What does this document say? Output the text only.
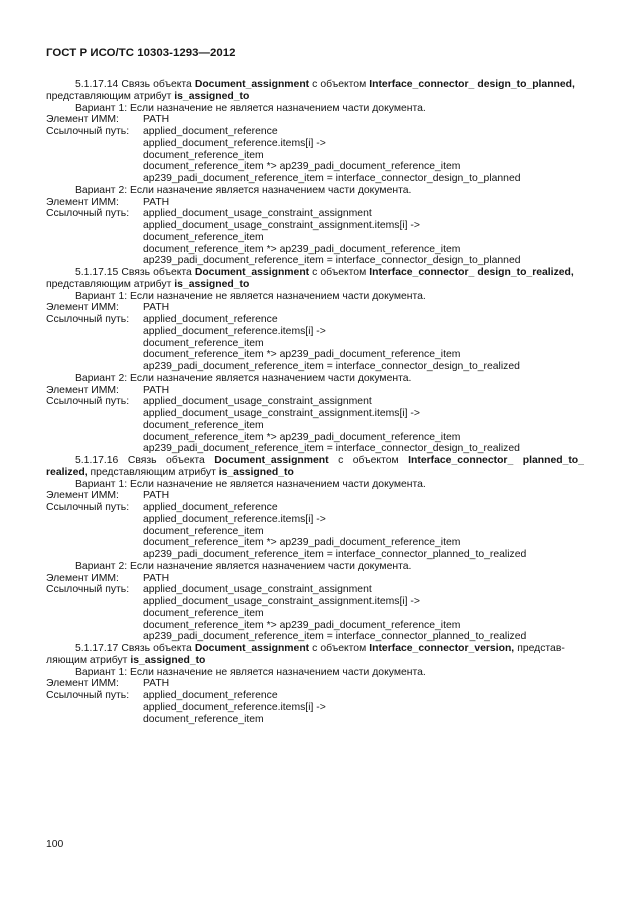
ГОСТ Р ИСО/ТС 10303-1293—2012
5.1.17.14 Связь объекта Document_assignment с объектом Interface_connector_ design_to_planned,
представляющим атрибут is_assigned_to
Вариант 1: Если назначение не является назначением части документа.
Элемент ИММ: PATH
Ссылочный путь: applied_document_reference
applied_document_reference.items[i] ->
document_reference_item
document_reference_item *> ap239_padi_document_reference_item
ap239_padi_document_reference_item = interface_connector_design_to_planned
Вариант 2: Если назначение является назначением части документа.
Элемент ИММ: PATH
Ссылочный путь: applied_document_usage_constraint_assignment
applied_document_usage_constraint_assignment.items[i] ->
document_reference_item
document_reference_item *> ap239_padi_document_reference_item
ap239_padi_document_reference_item = interface_connector_design_to_planned
5.1.17.15 Связь объекта Document_assignment с объектом Interface_connector_ design_to_realized,
представляющим атрибут is_assigned_to
Вариант 1: Если назначение не является назначением части документа.
Элемент ИММ: PATH
Ссылочный путь: applied_document_reference
applied_document_reference.items[i] ->
document_reference_item
document_reference_item *> ap239_padi_document_reference_item
ap239_padi_document_reference_item = interface_connector_design_to_realized
Вариант 2: Если назначение является назначением части документа.
Элемент ИММ: PATH
Ссылочный путь: applied_document_usage_constraint_assignment
applied_document_usage_constraint_assignment.items[i] ->
document_reference_item
document_reference_item *> ap239_padi_document_reference_item
ap239_padi_document_reference_item = interface_connector_design_to_realized
5.1.17.16 Связь объекта Document_assignment с объектом Interface_connector_ planned_to_
realized, представляющим атрибут is_assigned_to
Вариант 1: Если назначение не является назначением части документа.
Элемент ИММ: PATH
Ссылочный путь: applied_document_reference
applied_document_reference.items[i] ->
document_reference_item
document_reference_item *> ap239_padi_document_reference_item
ap239_padi_document_reference_item = interface_connector_planned_to_realized
Вариант 2: Если назначение является назначением части документа.
Элемент ИММ: PATH
Ссылочный путь: applied_document_usage_constraint_assignment
applied_document_usage_constraint_assignment.items[i] ->
document_reference_item
document_reference_item *> ap239_padi_document_reference_item
ap239_padi_document_reference_item = interface_connector_planned_to_realized
5.1.17.17 Связь объекта Document_assignment с объектом Interface_connector_version, представ-
ляющим атрибут is_assigned_to
Вариант 1: Если назначение не является назначением части документа.
Элемент ИММ: PATH
Ссылочный путь: applied_document_reference
applied_document_reference.items[i] ->
document_reference_item
100
